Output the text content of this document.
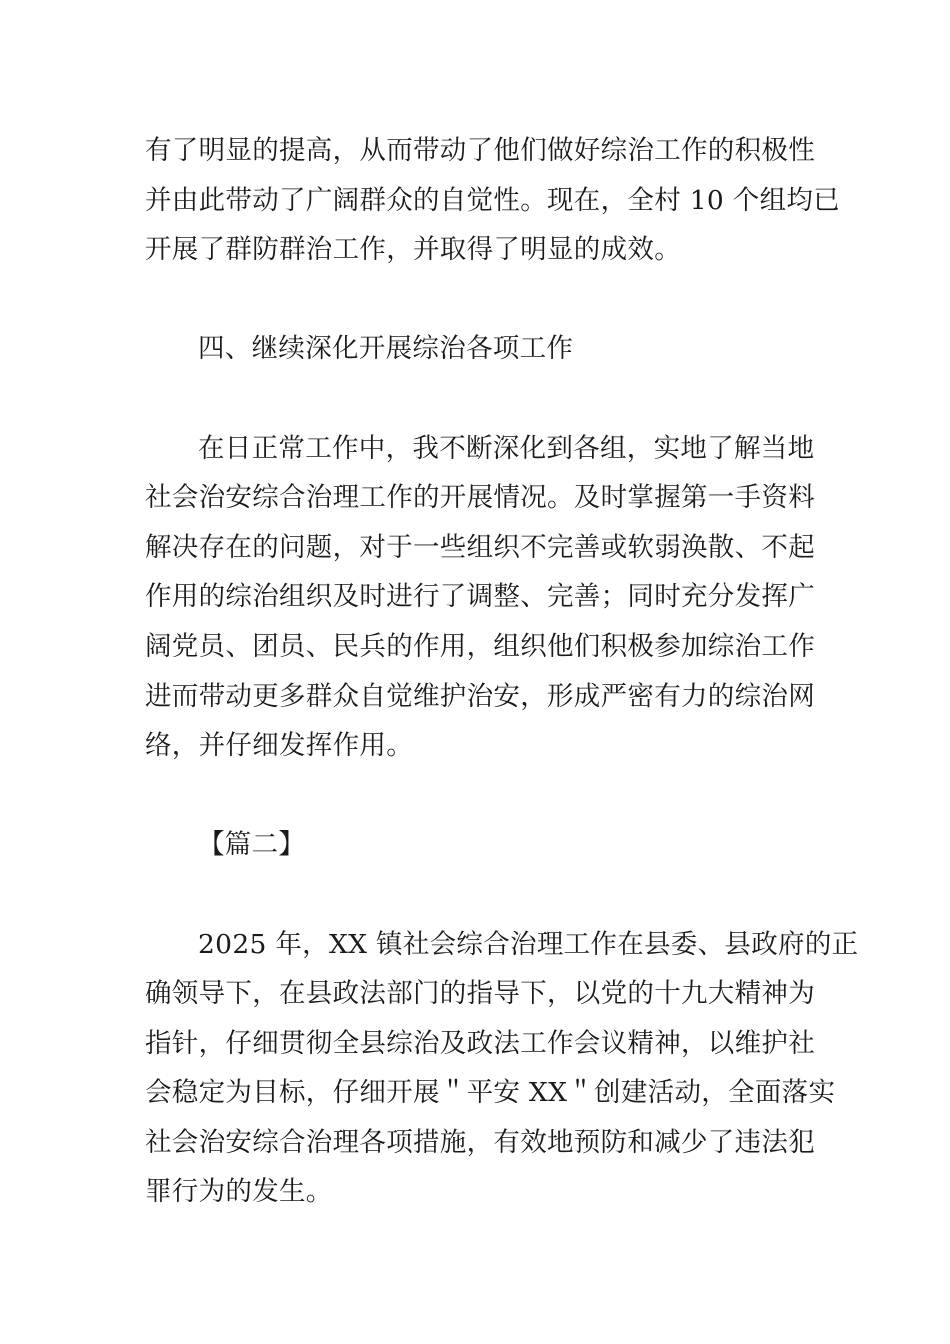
有了明显的提高，从而带动了他们做好综治工作的积极性
并由此带动了广阔群众的自觉性。现在，全村 10 个组均已
开展了群防群治工作，并取得了明显的成效。

四、继续深化开展综治各项工作

在日正常工作中，我不断深化到各组，实地了解当地
社会治安综合治理工作的开展情况。及时掌握第一手资料
解决存在的问题，对于一些组织不完善或软弱涣散、不起
作用的综治组织及时进行了调整、完善；同时充分发挥广
阔党员、团员、民兵的作用，组织他们积极参加综治工作
进而带动更多群众自觉维护治安，形成严密有力的综治网
络，并仔细发挥作用。

【篇二】

2025 年，XX 镇社会综合治理工作在县委、县政府的正
确领导下，在县政法部门的指导下，以党的十九大精神为
指针，仔细贯彻全县综治及政法工作会议精神，以维护社
会稳定为目标，仔细开展＂平安 XX＂创建活动，全面落实
社会治安综合治理各项措施，有效地预防和减少了违法犯
罪行为的发生。
